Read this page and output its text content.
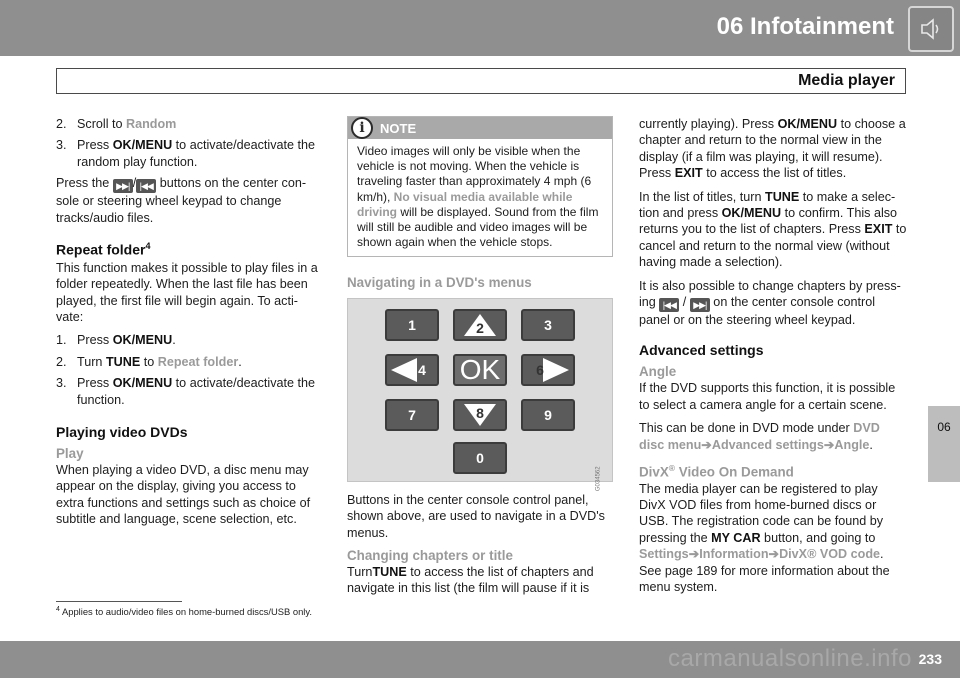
06 Infotainment
Media player
06
2. Scroll to Random
3. Press OK/MENU to activate/deactivate the random play function.

Press the ▶▶| / |◀◀ buttons on the center con-sole or steering wheel keypad to change tracks/audio files.

Repeat folder$^4$

This function makes it possible to play files in a folder repeatedly. When the last file has been played, the first file will begin again. To acti-vate:

1. Press OK/MENU.
2. Turn TUNE to Repeat folder.
3. Press OK/MENU to activate/deactivate the function.
Playing video DVDs
Play

When playing a video DVD, a disc menu may appear on the display, giving you access to extra functions and settings such as choice of subtitle and language, scene selection, etc.

i	NOTE
Video images will only be visible when the vehicle is not moving. When the vehicle is traveling faster than approximately 4 mph (6 km/h), No visual media available while driving will be displayed. Sound from the film will still be audible and video images will be shown again when the vehicle stops.
Navigating in a DVD's menus
1	2	3
4	OK	6
7	8	9
0
G034562

Buttons in the center console control panel, shown above, are used to navigate in a DVD's menus.

Changing chapters or title

TurnTUNE to access the list of chapters and navigate in this list (the film will pause if it is

currently playing). Press OK/MENU to choose a chapter and return to the normal view in the display (if a film was playing, it will resume). Press EXIT to access the list of titles.

In the list of titles, turn TUNE to make a selec-tion and press OK/MENU to confirm. This also returns you to the list of chapters. Press EXIT to cancel and return to the normal view (without having made a selection).

It is also possible to change chapters by press-ing |◀◀ / ▶▶| on the center console control panel or on the steering wheel keypad.

Advanced settings
Angle

If the DVD supports this function, it is possible to select a camera angle for a certain scene.

This can be done in DVD mode under DVD disc menu➔Advanced settings➔Angle.

DivX® Video On Demand

The media player can be registered to play DivX VOD files from home-burned discs or USB. The registration code can be found by pressing the MY CAR button, and going to Settings➔Information➔DivX® VOD code. See page 189 for more information about the menu system.

$^4$ Applies to audio/video files on home-burned discs/USB only.
carmanualsonline.info 233
